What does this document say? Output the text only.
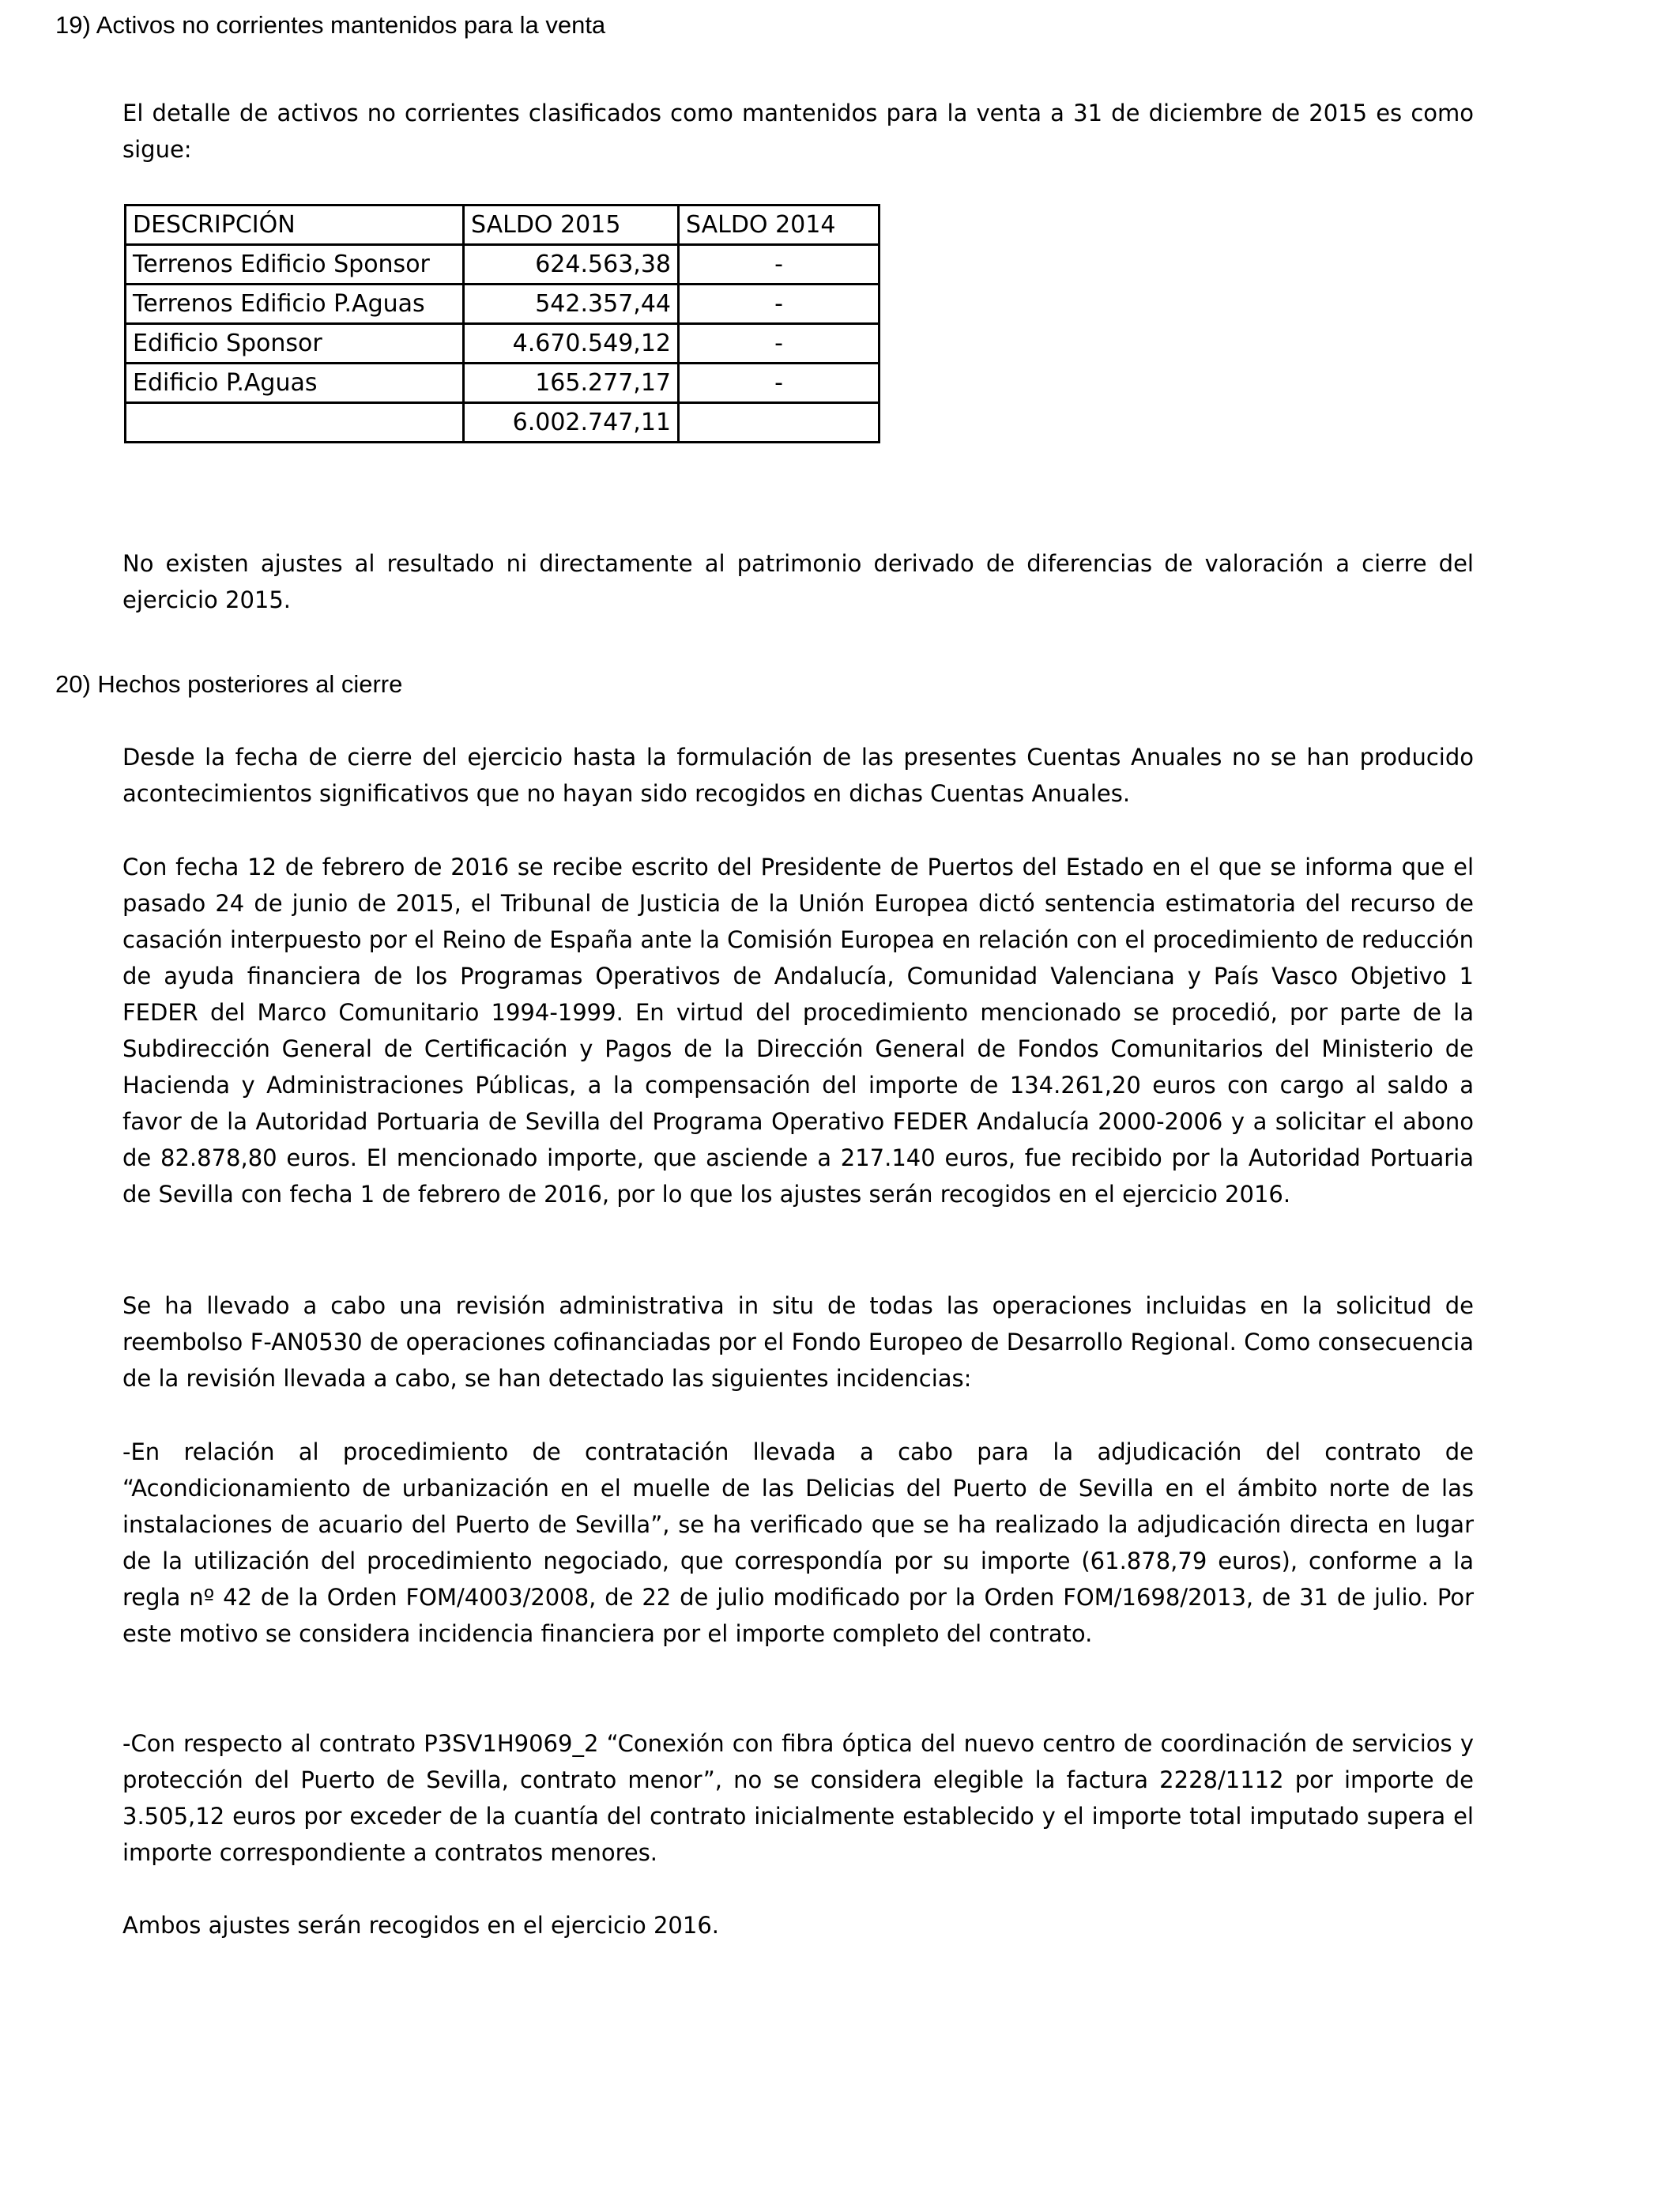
19) Activos no corrientes mantenidos para la venta

El detalle de activos no corrientes clasificados como mantenidos para la venta a 31 de diciembre de 2015 es como sigue:

DESCRIPCIÓN	SALDO 2015	SALDO 2014
Terrenos Edificio Sponsor	624.563,38	-
Terrenos Edificio P.Aguas	542.357,44	-
Edificio Sponsor	4.670.549,12	-
Edificio P.Aguas	165.277,17	-
	6.002.747,11	

No existen ajustes al resultado ni directamente al patrimonio derivado de diferencias de valoración a cierre del ejercicio 2015.

20) Hechos posteriores al cierre

Desde la fecha de cierre del ejercicio hasta la formulación de las presentes Cuentas Anuales no se han producido acontecimientos significativos que no hayan sido recogidos en dichas Cuentas Anuales.

Con fecha 12 de febrero de 2016 se recibe escrito del Presidente de Puertos del Estado en el que se informa que el pasado 24 de junio de 2015, el Tribunal de Justicia de la Unión Europea dictó sentencia estimatoria del recurso de casación interpuesto por el Reino de España ante la Comisión Europea en relación con el procedimiento de reducción de ayuda financiera de los Programas Operativos de Andalucía, Comunidad Valenciana y País Vasco Objetivo 1 FEDER del Marco Comunitario 1994-1999. En virtud del procedimiento mencionado se procedió, por parte de la Subdirección General de Certificación y Pagos de la Dirección General de Fondos Comunitarios del Ministerio de Hacienda y Administraciones Públicas, a la compensación del importe de 134.261,20 euros con cargo al saldo a favor de la Autoridad Portuaria de Sevilla del Programa Operativo FEDER Andalucía 2000-2006 y a solicitar el abono de 82.878,80 euros. El mencionado importe, que asciende a 217.140 euros, fue recibido por la Autoridad Portuaria de Sevilla con fecha 1 de febrero de 2016, por lo que los ajustes serán recogidos en el ejercicio 2016.

Se ha llevado a cabo una revisión administrativa in situ de todas las operaciones incluidas en la solicitud de reembolso F-AN0530 de operaciones cofinanciadas por el Fondo Europeo de Desarrollo Regional. Como consecuencia de la revisión llevada a cabo, se han detectado las siguientes incidencias:

-En relación al procedimiento de contratación llevada a cabo para la adjudicación del contrato de “Acondicionamiento de urbanización en el muelle de las Delicias del Puerto de Sevilla en el ámbito norte de las instalaciones de acuario del Puerto de Sevilla”, se ha verificado que se ha realizado la adjudicación directa en lugar de la utilización del procedimiento negociado, que correspondía por su importe (61.878,79 euros), conforme a la regla nº 42 de la Orden FOM/4003/2008, de 22 de julio modificado por la Orden FOM/1698/2013, de 31 de julio. Por este motivo se considera incidencia financiera por el importe completo del contrato.

-Con respecto al contrato P3SV1H9069_2 “Conexión con fibra óptica del nuevo centro de coordinación de servicios y protección del Puerto de Sevilla, contrato menor”, no se considera elegible la factura 2228/1112 por importe de 3.505,12 euros por exceder de la cuantía del contrato inicialmente establecido y el importe total imputado supera el importe correspondiente a contratos menores.

Ambos ajustes serán recogidos en el ejercicio 2016.
